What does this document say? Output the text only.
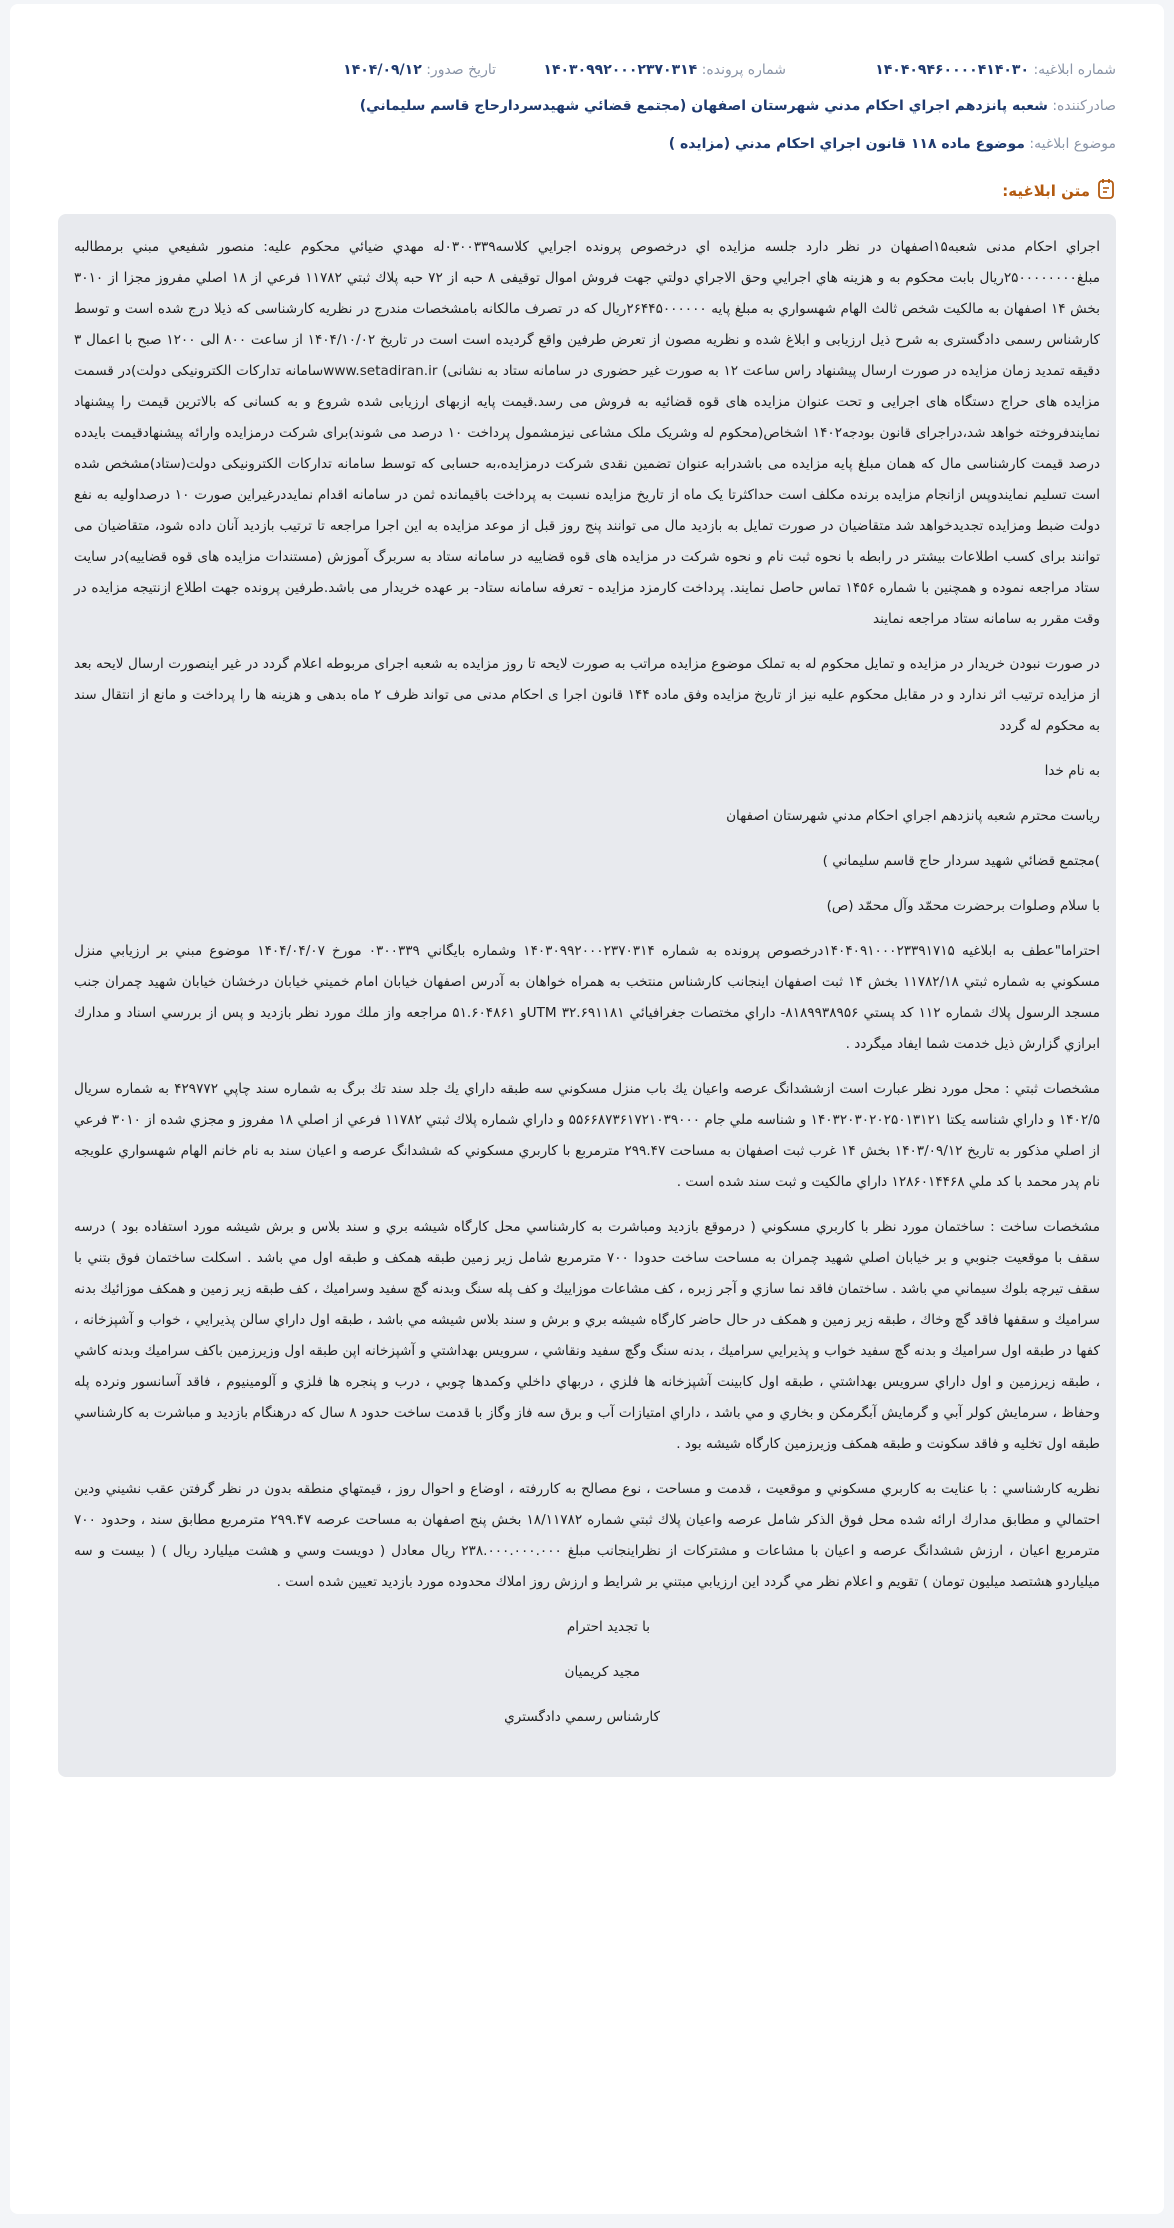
شماره ابلاغيه: ۱۴۰۴۰۹۴۶۰۰۰۰۴۱۴۰۳۰
شماره پرونده: ۱۴۰۳۰۹۹۲۰۰۰۲۳۷۰۳۱۴
تاريخ صدور: ۱۴۰۴/۰۹/۱۲
صادرکننده: شعبه پانزدهم اجراي احکام مدني شهرستان اصفهان (مجتمع قضائي شهيدسردارحاج قاسم سليماني)
موضوع ابلاغيه: موضوع ماده ۱۱۸ قانون اجراي احکام مدني (مزايده )
متن ابلاغيه:

اجراي احكام مدنی شعبه۱۵اصفهان در نظر دارد جلسه مزايده اي درخصوص پرونده اجرايي كلاسه۰۳۰۰۳۳۹له مهدي ضيائي محكوم عليه: منصور شفيعي مبني برمطالبه مبلغ۲۵۰۰۰۰۰۰۰۰ريال بابت محكوم به و هزينه هاي اجرايي وحق الاجراي دولتي جهت فروش اموال توقيفی ۸ حبه از ۷۲ حبه پلاك ثبتي ۱۱۷۸۲ فرعي از ۱۸ اصلي مفروز مجزا از ۳۰۱۰ بخش ۱۴ اصفهان به مالكيت شخص ثالث الهام شهسواري به مبلغ پايه ۲۶۴۴۵۰۰۰۰۰۰ريال كه در تصرف مالكانه بامشخصات مندرج در نظريه كارشناسی كه ذيلا درج شده است و توسط كارشناس رسمی دادگستری به شرح ذيل ارزيابی و ابلاغ شده و نظريه مصون از تعرض طرفين واقع گرديده است است در تاريخ ۱۴۰۴/۱۰/۰۲ از ساعت ۸۰۰ الی ۱۲۰۰ صبح با اعمال ۳ دقيقه تمديد زمان مزايده در صورت ارسال پيشنهاد راس ساعت ۱۲ به صورت غير حضوری در سامانه ستاد به نشانی) www.setadiran.irسامانه تداركات الكترونيكی دولت)در قسمت مزايده های حراج دستگاه های اجرايی و تحت عنوان مزايده های قوه قضائيه به فروش می رسد.قيمت پايه ازبهای ارزيابی شده شروع و به كسانی كه بالاترين قيمت را پيشنهاد نمايندفروخته خواهد شد،دراجرای قانون بودجه۱۴۰۲ اشخاص(محكوم له وشريک ملک مشاعی نيزمشمول پرداخت ۱۰ درصد می شوند)برای شركت درمزايده وارائه پيشنهادقيمت بايدده درصد قيمت كارشناسی مال كه همان مبلغ پايه مزايده می باشدرابه عنوان تضمين نقدی شركت درمزايده،به حسابی كه توسط سامانه تداركات الكترونيكی دولت(ستاد)مشخص شده است تسليم نمايندوپس ازانجام مزايده برنده مكلف است حداكثرتا يک ماه از تاريخ مزايده نسبت به پرداخت باقيمانده ثمن در سامانه اقدام نمايددرغيراين صورت ۱۰ درصداوليه به نفع دولت ضبط ومزايده تجديدخواهد شد متقاضيان در صورت تمايل به بازديد مال می توانند پنج روز قبل از موعد مزايده به اين اجرا مراجعه تا ترتيب بازديد آنان داده شود، متقاضيان می توانند برای كسب اطلاعات بيشتر در رابطه با نحوه ثبت نام و نحوه شركت در مزايده های قوه قضاييه در سامانه ستاد به سربرگ آموزش (مستندات مزايده های قوه قضاييه)در سايت ستاد مراجعه نموده و همچنين با شماره ۱۴۵۶ تماس حاصل نمايند. پرداخت كارمزد مزايده - تعرفه سامانه ستاد- بر عهده خريدار می باشد.طرفين پرونده جهت اطلاع ازنتيجه مزايده در وقت مقرر به سامانه ستاد مراجعه نمايند

در صورت نبودن خريدار در مزايده و تمايل محكوم له به تملک موضوع مزايده مراتب به صورت لايحه تا روز مزايده به شعبه اجرای مربوطه اعلام گردد در غير اينصورت ارسال لايحه بعد از مزايده ترتيب اثر ندارد و در مقابل محكوم عليه نيز از تاريخ مزايده وفق ماده ۱۴۴ قانون اجرا ی احكام مدنی می تواند ظرف ۲ ماه بدهی و هزينه ها را پرداخت و مانع از انتقال سند به محكوم له گردد

به نام خدا

رياست محترم شعبه پانزدهم اجراي احكام مدني شهرستان اصفهان

)مجتمع قضائي شهيد سردار حاج قاسم سليماني )

با سلام وصلوات برحضرت محمّد وآل محمّد (ص)

احتراما"عطف به ابلاغيه ۱۴۰۴۰۹۱۰۰۰۲۳۳۹۱۷۱۵درخصوص پرونده به شماره ۱۴۰۳۰۹۹۲۰۰۰۲۳۷۰۳۱۴ وشماره بايگاني ۰۳۰۰۳۳۹ مورخ ۱۴۰۴/۰۴/۰۷ موضوع مبني بر ارزيابي منزل مسكوني به شماره ثبتي ۱۱۷۸۲/۱۸ بخش ۱۴ ثبت اصفهان اينجانب كارشناس منتخب به همراه خواهان به آدرس اصفهان خيابان امام خميني خيابان درخشان خيابان شهيد چمران جنب مسجد الرسول پلاك شماره ۱۱۲ كد پستي ۸۱۸۹۹۳۸۹۵۶- داراي مختصات جغرافيائي ۳۲.۶۹۱۱۸۱ UTMو ۵۱.۶۰۴۸۶۱ مراجعه واز ملك مورد نظر بازديد و پس از بررسي اسناد و مدارك ابرازي گزارش ذيل خدمت شما ايفاد ميگردد .

مشخصات ثبتي : محل مورد نظر عبارت است ازششدانگ عرصه واعيان يك باب منزل مسكوني سه طبقه داراي يك جلد سند تك برگ به شماره سند چاپي ۴۲۹۷۷۲ به شماره سريال ۱۴۰۲/۵ و داراي شناسه يكتا ۱۴۰۳۲۰۳۰۲۰۲۵۰۱۳۱۲۱ و شناسه ملي جام ۵۵۶۶۸۷۳۶۱۷۲۱۰۳۹۰۰۰ و داراي شماره پلاك ثبتي ۱۱۷۸۲ فرعي از اصلي ۱۸ مفروز و مجزي شده از ۳۰۱۰ فرعي از اصلي مذكور به تاريخ ۱۴۰۳/۰۹/۱۲ بخش ۱۴ غرب ثبت اصفهان به مساحت ۲۹۹.۴۷ مترمربع با كاربري مسكوني كه ششدانگ عرصه و اعيان سند به نام خانم الهام شهسواري علويجه نام پدر محمد با كد ملي ۱۲۸۶۰۱۴۴۶۸ داراي مالكيت و ثبت سند شده است .

مشخصات ساخت : ساختمان مورد نظر با كاربري مسكوني ( درموقع بازديد ومباشرت به كارشناسي محل كارگاه شيشه بري و سند بلاس و برش شيشه مورد استفاده بود ) درسه سقف با موقعيت جنوبي و بر خيابان اصلي شهيد چمران به مساحت ساخت حدودا ۷۰۰ مترمربع شامل زير زمين طبقه همكف و طبقه اول مي باشد . اسكلت ساختمان فوق بتني با سقف تيرچه بلوك سيماني مي باشد . ساختمان فاقد نما سازي و آجر زبره ، كف مشاعات موزاييك و كف پله سنگ وبدنه گچ سفيد وسراميك ، كف طبقه زير زمين و همكف موزائيك بدنه سراميك و سقفها فاقد گچ وخاك ، طبقه زير زمين و همكف در حال حاضر كارگاه شيشه بري و برش و سند بلاس شيشه مي باشد ، طبقه اول داراي سالن پذيرايي ، خواب و آشپزخانه ، كفها در طبقه اول سراميك و بدنه گچ سفيد خواب و پذيرايي سراميك ، بدنه سنگ وگچ سفيد ونقاشي ، سرويس بهداشتي و آشپزخانه اپن طبقه اول وزيرزمين باكف سراميك وبدنه كاشي ، طبقه زيرزمين و اول داراي سرويس بهداشتي ، طبقه اول كابينت آشپزخانه ها فلزي ، دربهاي داخلي وكمدها چوبي ، درب و پنجره ها فلزي و آلومينيوم ، فاقد آسانسور ونرده پله وحفاظ ، سرمايش كولر آبي و گرمايش آبگرمكن و بخاري و مي باشد ، داراي امتيازات آب و برق سه فاز وگاز با قدمت ساخت حدود ۸ سال كه درهنگام بازديد و مباشرت به كارشناسي طبقه اول تخليه و فاقد سكونت و طبقه همكف وزيرزمين كارگاه شيشه بود .

نظريه كارشناسي : با عنايت به كاربري مسكوني و موقعيت ، قدمت و مساحت ، نوع مصالح به كاررفته ، اوضاع و احوال روز ، قيمتهاي منطقه بدون در نظر گرفتن عقب نشيني ودين احتمالي و مطابق مدارك ارائه شده محل فوق الذكر شامل عرصه واعيان پلاك ثبتي شماره ۱۸/۱۱۷۸۲ بخش پنج اصفهان به مساحت عرصه ۲۹۹.۴۷ مترمربع مطابق سند ، وحدود ۷۰۰ مترمربع اعيان ، ارزش ششدانگ عرصه و اعيان با مشاعات و مشتركات از نظراينجانب مبلغ ۲۳۸.۰۰۰.۰۰۰.۰۰۰ ريال معادل ( دويست وسي و هشت ميليارد ريال ) ( بيست و سه ميلياردو هشتصد ميليون تومان ) تقويم و اعلام نظر مي گردد اين ارزيابي مبتني بر شرايط و ارزش روز املاك محدوده مورد بازديد تعيين شده است .

با تجديد احترام

مجيد كريميان

كارشناس رسمي دادگستري
